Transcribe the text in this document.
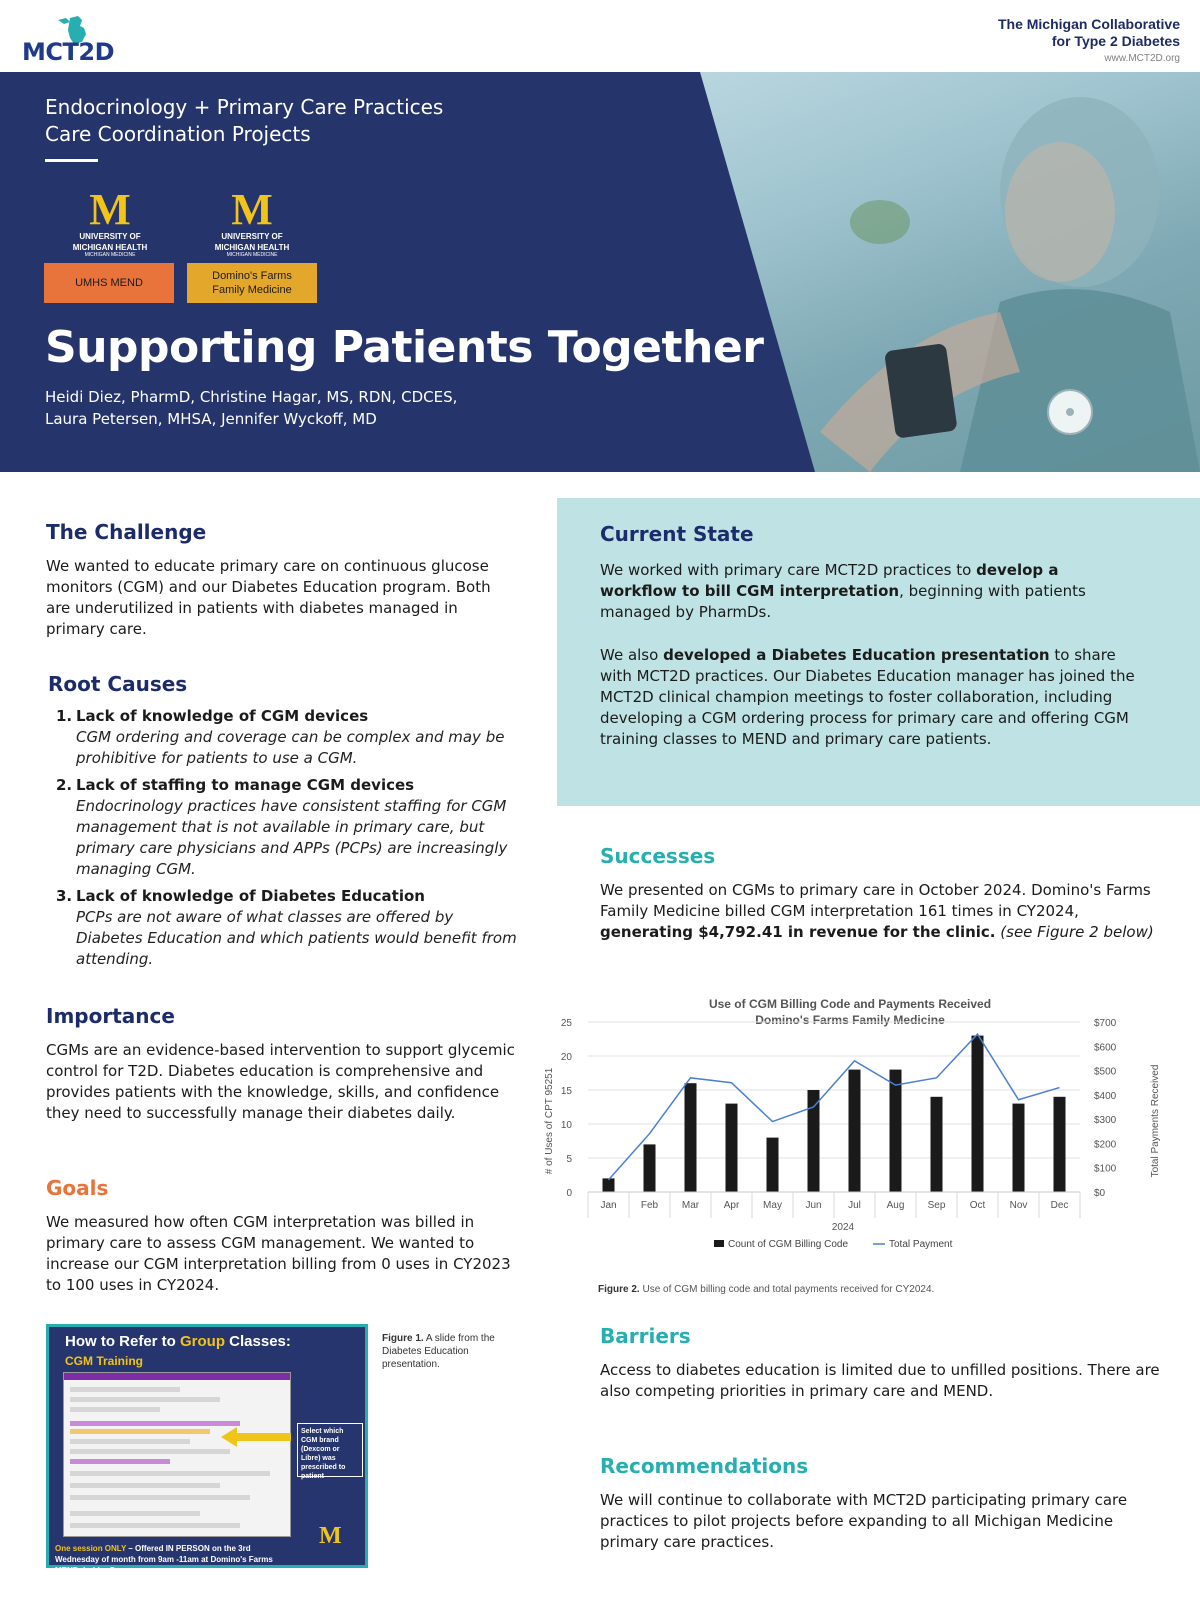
MCT2D
The Michigan Collaborative
for Type 2 Diabetes
www.MCT2D.org
Endocrinology + Primary Care Practices
Care Coordination Projects
M
UNIVERSITY OF
MICHIGAN HEALTH
MICHIGAN MEDICINE
M
UNIVERSITY OF
MICHIGAN HEALTH
MICHIGAN MEDICINE
UMHS MEND
Domino's Farms
Family Medicine
Supporting Patients Together
Heidi Diez, PharmD, Christine Hagar, MS, RDN, CDCES,
Laura Petersen, MHSA, Jennifer Wyckoff, MD
The Challenge

We wanted to educate primary care on continuous glucose monitors (CGM) and our Diabetes Education program. Both are underutilized in patients with diabetes managed in primary care.

Root Causes
1. Lack of knowledge of CGM devices
CGM ordering and coverage can be complex and may be prohibitive for patients to use a CGM.
2. Lack of staffing to manage CGM devices
Endocrinology practices have consistent staffing for CGM management that is not available in primary care, but primary care physicians and APPs (PCPs) are increasingly managing CGM.
3. Lack of knowledge of Diabetes Education
PCPs are not aware of what classes are offered by Diabetes Education and which patients would benefit from attending.
Importance

CGMs are an evidence-based intervention to support glycemic control for T2D. Diabetes education is comprehensive and provides patients with the knowledge, skills, and confidence they need to successfully manage their diabetes daily.

Goals

We measured how often CGM interpretation was billed in primary care to assess CGM management. We wanted to increase our CGM interpretation billing from 0 uses in CY2023 to 100 uses in CY2024.

How to Refer to Group Classes:
CGM Training
Select which CGM brand (Dexcom or Libre) was prescribed to patient
One session ONLY – Offered IN PERSON on the 3rd Wednesday of month from 9am -11am at Domino's Farms MEND, Lobby C
M
Figure 1. A slide from the Diabetes Education presentation.
Current State

We worked with primary care MCT2D practices to develop a workflow to bill CGM interpretation, beginning with patients managed by PharmDs.

We also developed a Diabetes Education presentation to share with MCT2D practices. Our Diabetes Education manager has joined the MCT2D clinical champion meetings to foster collaboration, including developing a CGM ordering process for primary care and offering CGM training classes to MEND and primary care patients.

Successes

We presented on CGMs to primary care in October 2024. Domino's Farms Family Medicine billed CGM interpretation 161 times in CY2024, generating $4,792.41 in revenue for the clinic. (see Figure 2 below)

Use of CGM Billing Code and Payments Received
Domino's Farms Family Medicine
0
5
10
15
20
25
$0
$100
$200
$300
$400
$500
$600
$700
Jan Feb Mar Apr May Jun	Jul	Aug Sep Oct Nov Dec
# of Uses of CPT 95251	Total Payments Received
2024
Count of CGM Billing Code	Total Payment
Figure 2. Use of CGM billing code and total payments received for CY2024.
Barriers

Access to diabetes education is limited due to unfilled positions. There are also competing priorities in primary care and MEND.

Recommendations

We will continue to collaborate with MCT2D participating primary care practices to pilot projects before expanding to all Michigan Medicine primary care practices.
